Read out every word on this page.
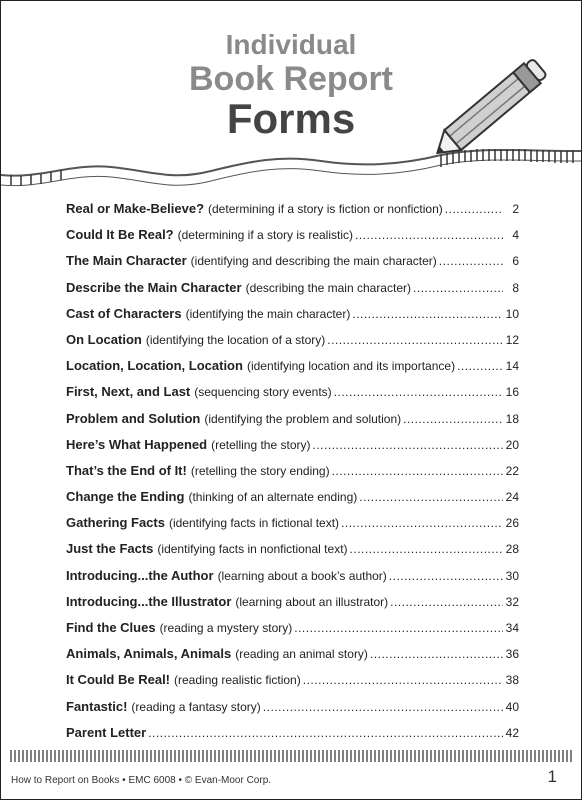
Individual
Book Report
Forms
Real or Make-Believe? (determining if a story is fiction or nonfiction) .....	2
Could It Be Real? (determining if a story is realistic) .....	4
The Main Character (identifying and describing the main character) .....	6
Describe the Main Character (describing the main character) .....	8
Cast of Characters (identifying the main character) .....	10
On Location (identifying the location of a story) .....	12
Location, Location, Location (identifying location and its importance) .....	14
First, Next, and Last (sequencing story events) .....	16
Problem and Solution (identifying the problem and solution) .....	18
Here’s What Happened (retelling the story) .....	20
That’s the End of It! (retelling the story ending) .....	22
Change the Ending (thinking of an alternate ending) .....	24
Gathering Facts (identifying facts in fictional text) .....	26
Just the Facts (identifying facts in nonfictional text) .....	28
Introducing...the Author (learning about a book’s author) .....	30
Introducing...the Illustrator (learning about an illustrator) .....	32
Find the Clues (reading a mystery story) .....	34
Animals, Animals, Animals (reading an animal story) .....	36
It Could Be Real! (reading realistic fiction) .....	38
Fantastic! (reading a fantasy story) .....	40
Parent Letter .....	42
How to Report on Books • EMC 6008 • © Evan-Moor Corp.	1
